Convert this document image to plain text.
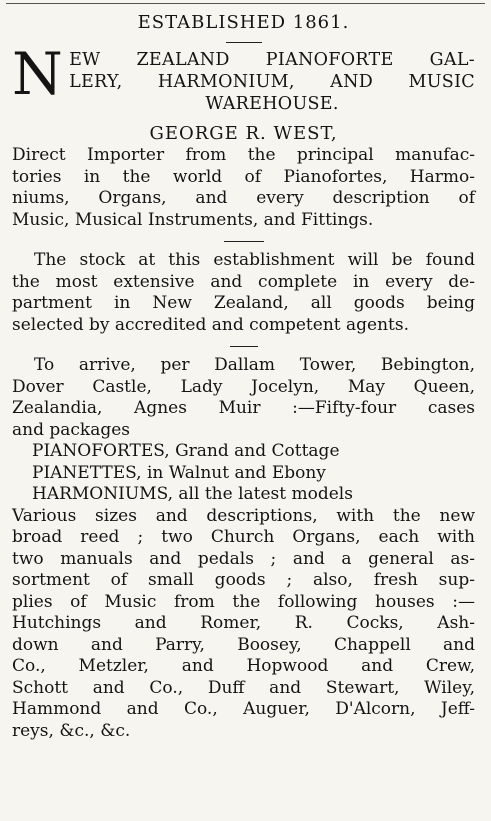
ESTABLISHED 1861.
N EW ZEALAND PIANOFORTE GAL-
LERY, HARMONIUM, AND MUSIC
WAREHOUSE.
GEORGE R. WEST,
Direct Importer from the principal manufac-
tories in the world of Pianofortes, Harmo-
niums, Organs, and every description of
Music, Musical Instruments, and Fittings.
The stock at this establishment will be found
the most extensive and complete in every de-
partment in New Zealand, all goods being
selected by accredited and competent agents.
To arrive, per Dallam Tower, Bebington,
Dover Castle, Lady Jocelyn, May Queen,
Zealandia, Agnes Muir :—Fifty-four cases
and packages
PIANOFORTES, Grand and Cottage
PIANETTES, in Walnut and Ebony
HARMONIUMS, all the latest models
Various sizes and descriptions, with the new
broad reed ; two Church Organs, each with
two manuals and pedals ; and a general as-
sortment of small goods ; also, fresh sup-
plies of Music from the following houses :—
Hutchings and Romer, R. Cocks, Ash-
down and Parry, Boosey, Chappell and
Co., Metzler, and Hopwood and Crew,
Schott and Co., Duff and Stewart, Wiley,
Hammond and Co., Auguer, D'Alcorn, Jeff-
reys, &c., &c.
